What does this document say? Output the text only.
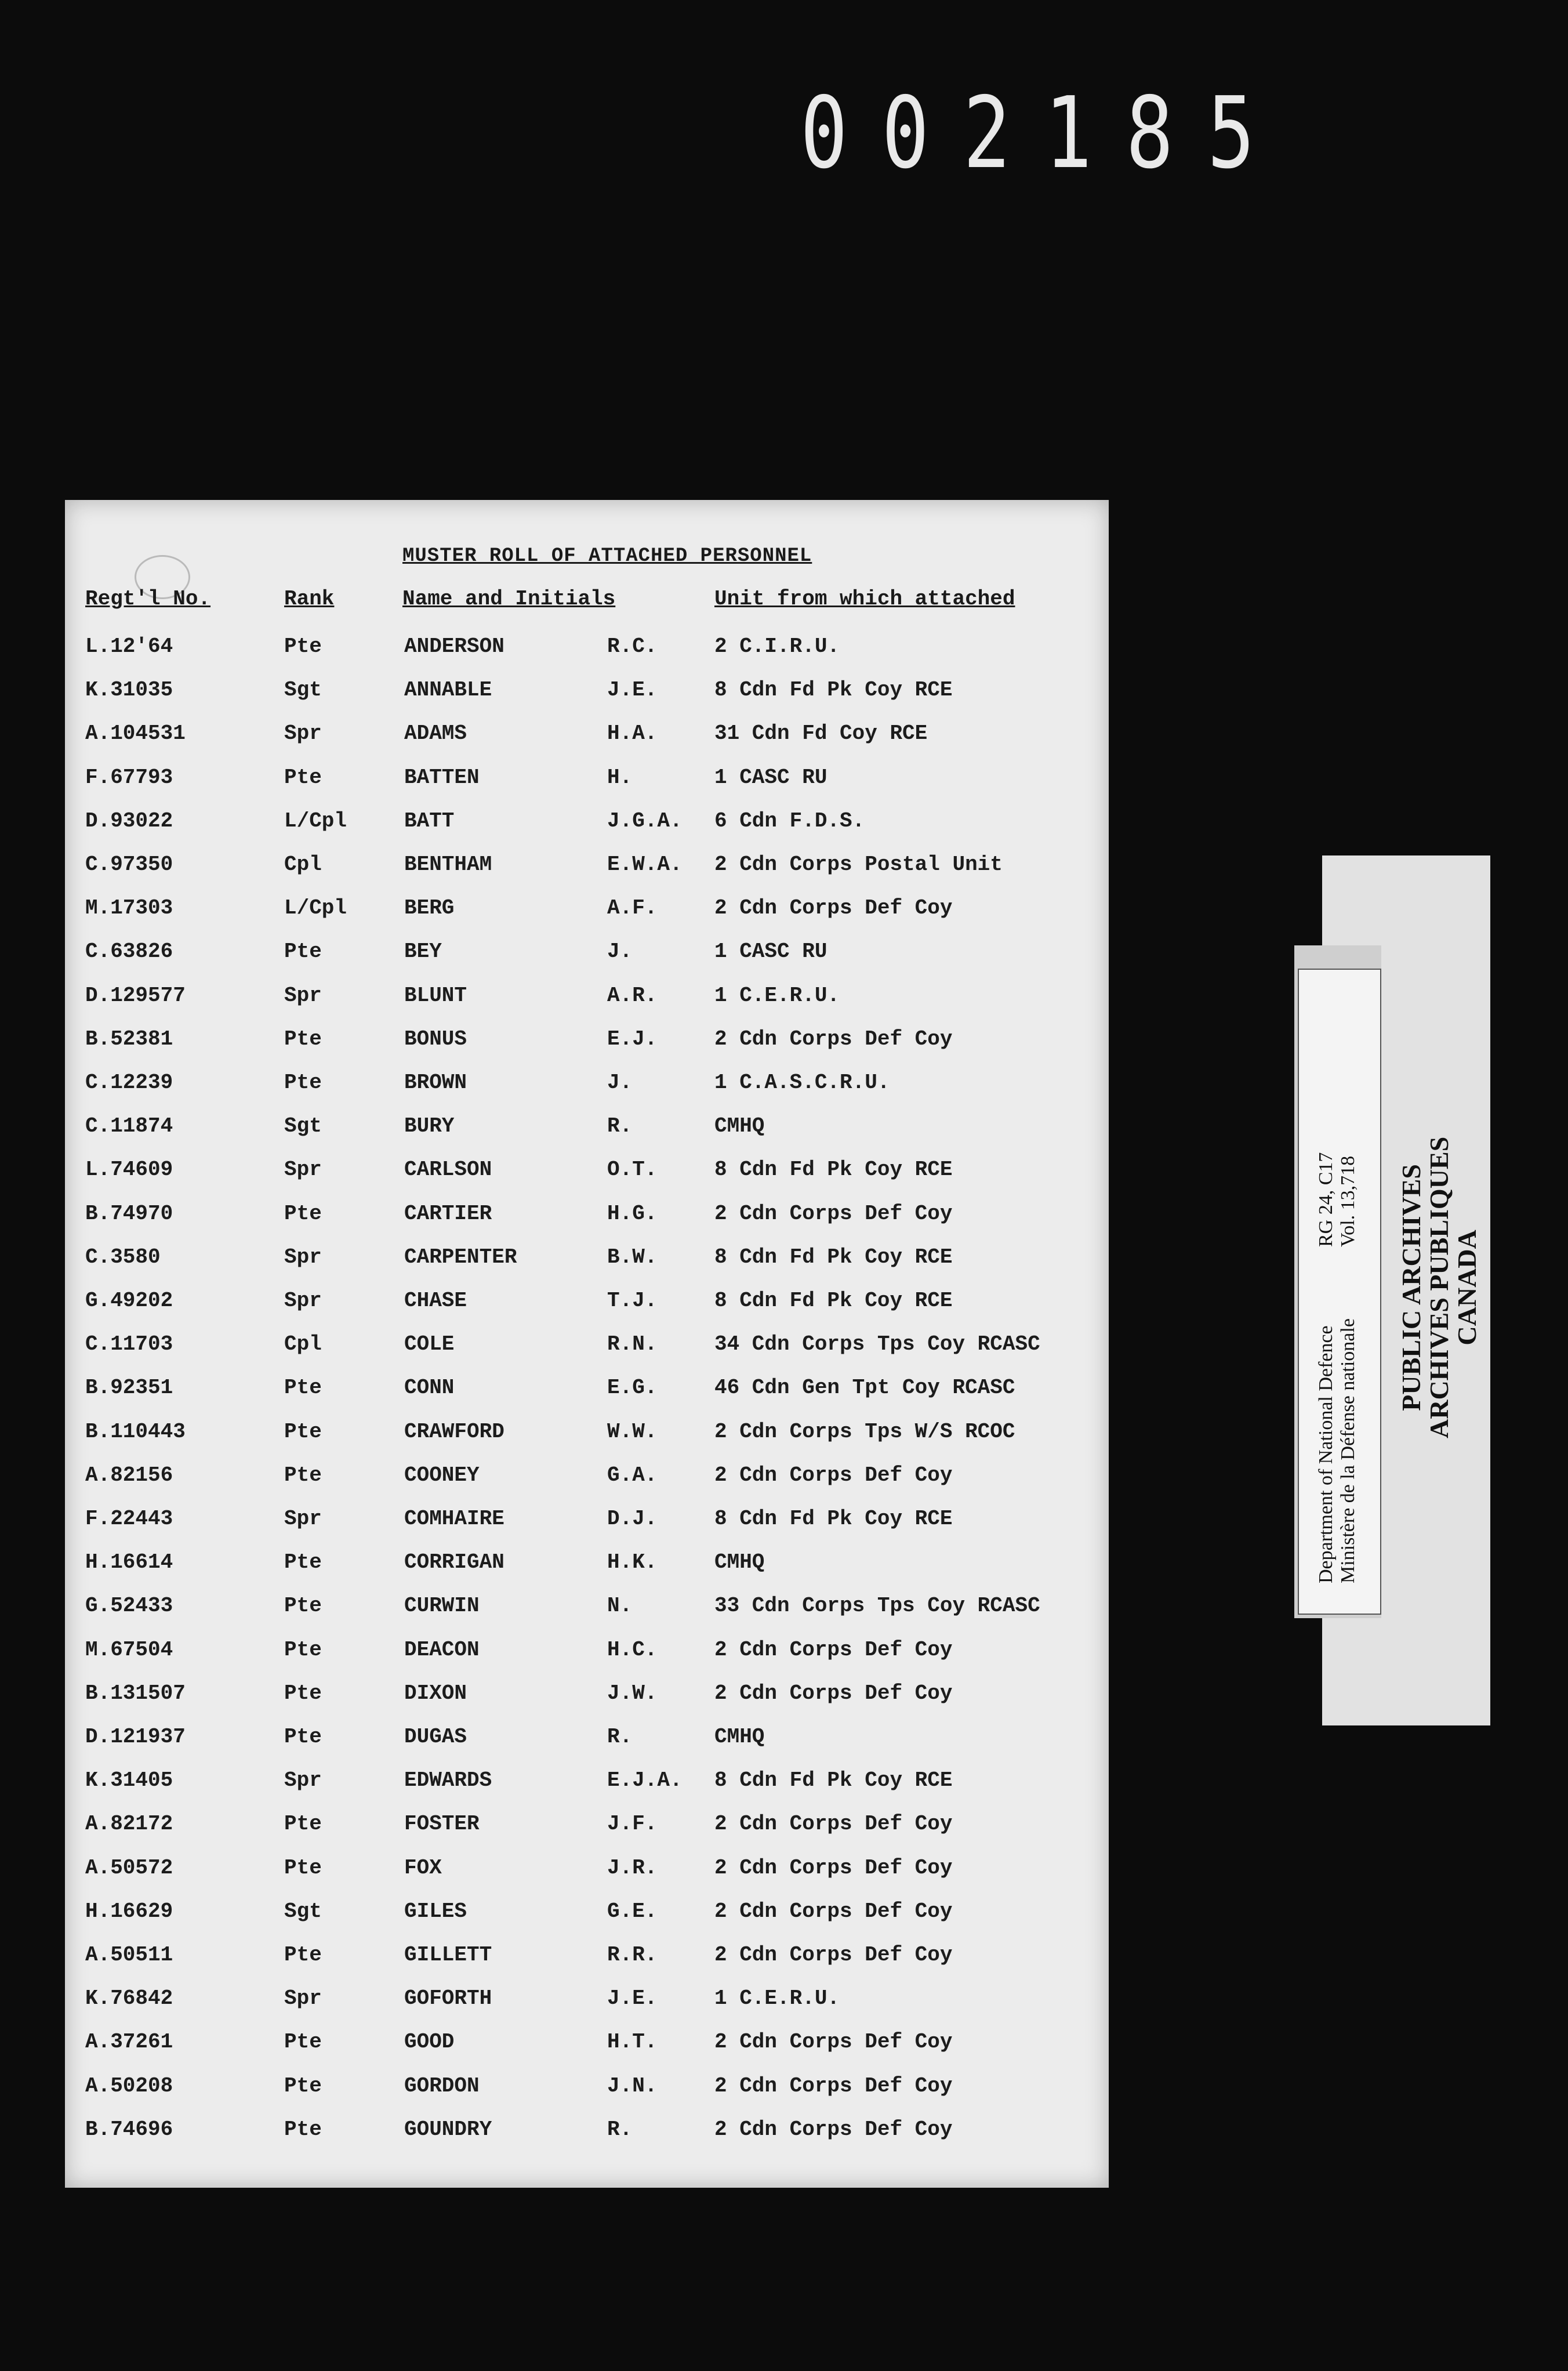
0 0 2 1 8 5
MUSTER ROLL OF ATTACHED PERSONNEL
Regt'l No.	Rank	Name and Initials	Unit from which attached
L.12'64	Pte	ANDERSON	R.C.	2 C.I.R.U.
K.31035	Sgt	ANNABLE	J.E.	8 Cdn Fd Pk Coy RCE
A.104531	Spr	ADAMS	H.A.	31 Cdn Fd Coy RCE
F.67793	Pte	BATTEN	H.	1 CASC RU
D.93022	L/Cpl	BATT	J.G.A. 6 Cdn F.D.S.
C.97350	Cpl	BENTHAM	E.W.A. 2 Cdn Corps Postal Unit
M.17303	L/Cpl	BERG	A.F.	2 Cdn Corps Def Coy
C.63826	Pte	BEY	J.	1 CASC RU
D.129577	Spr	BLUNT	A.R.	1 C.E.R.U.
B.52381	Pte	BONUS	E.J.	2 Cdn Corps Def Coy
C.12239	Pte	BROWN	J.	1 C.A.S.C.R.U.
C.11874	Sgt	BURY	R.	CMHQ
L.74609	Spr	CARLSON	O.T.	8 Cdn Fd Pk Coy RCE
B.74970	Pte	CARTIER	H.G.	2 Cdn Corps Def Coy
C.3580	Spr	CARPENTER	B.W.	8 Cdn Fd Pk Coy RCE
G.49202	Spr	CHASE	T.J.	8 Cdn Fd Pk Coy RCE
C.11703	Cpl	COLE	R.N.	34 Cdn Corps Tps Coy RCASC
B.92351	Pte	CONN	E.G.	46 Cdn Gen Tpt Coy RCASC
B.110443	Pte	CRAWFORD	W.W.	2 Cdn Corps Tps W/S RCOC
A.82156	Pte	COONEY	G.A.	2 Cdn Corps Def Coy
F.22443	Spr	COMHAIRE	D.J.	8 Cdn Fd Pk Coy RCE
H.16614	Pte	CORRIGAN	H.K.	CMHQ
G.52433	Pte	CURWIN	N.	33 Cdn Corps Tps Coy RCASC
M.67504	Pte	DEACON	H.C.	2 Cdn Corps Def Coy
B.131507	Pte	DIXON	J.W.	2 Cdn Corps Def Coy
D.121937	Pte	DUGAS	R.	CMHQ
K.31405	Spr	EDWARDS	E.J.A. 8 Cdn Fd Pk Coy RCE
A.82172	Pte	FOSTER	J.F.	2 Cdn Corps Def Coy
A.50572	Pte	FOX	J.R.	2 Cdn Corps Def Coy
H.16629	Sgt	GILES	G.E.	2 Cdn Corps Def Coy
A.50511	Pte	GILLETT	R.R.	2 Cdn Corps Def Coy
K.76842	Spr	GOFORTH	J.E.	1 C.E.R.U.
A.37261	Pte	GOOD	H.T.	2 Cdn Corps Def Coy
A.50208	Pte	GORDON	J.N.	2 Cdn Corps Def Coy
B.74696	Pte	GOUNDRY	R.	2 Cdn Corps Def Coy
RG 24, C17 Vol. 13,718
Department of National Defence Ministère de la Défense nationale
PUBLIC ARCHIVES
ARCHIVES PUBLIQUES
CANADA
